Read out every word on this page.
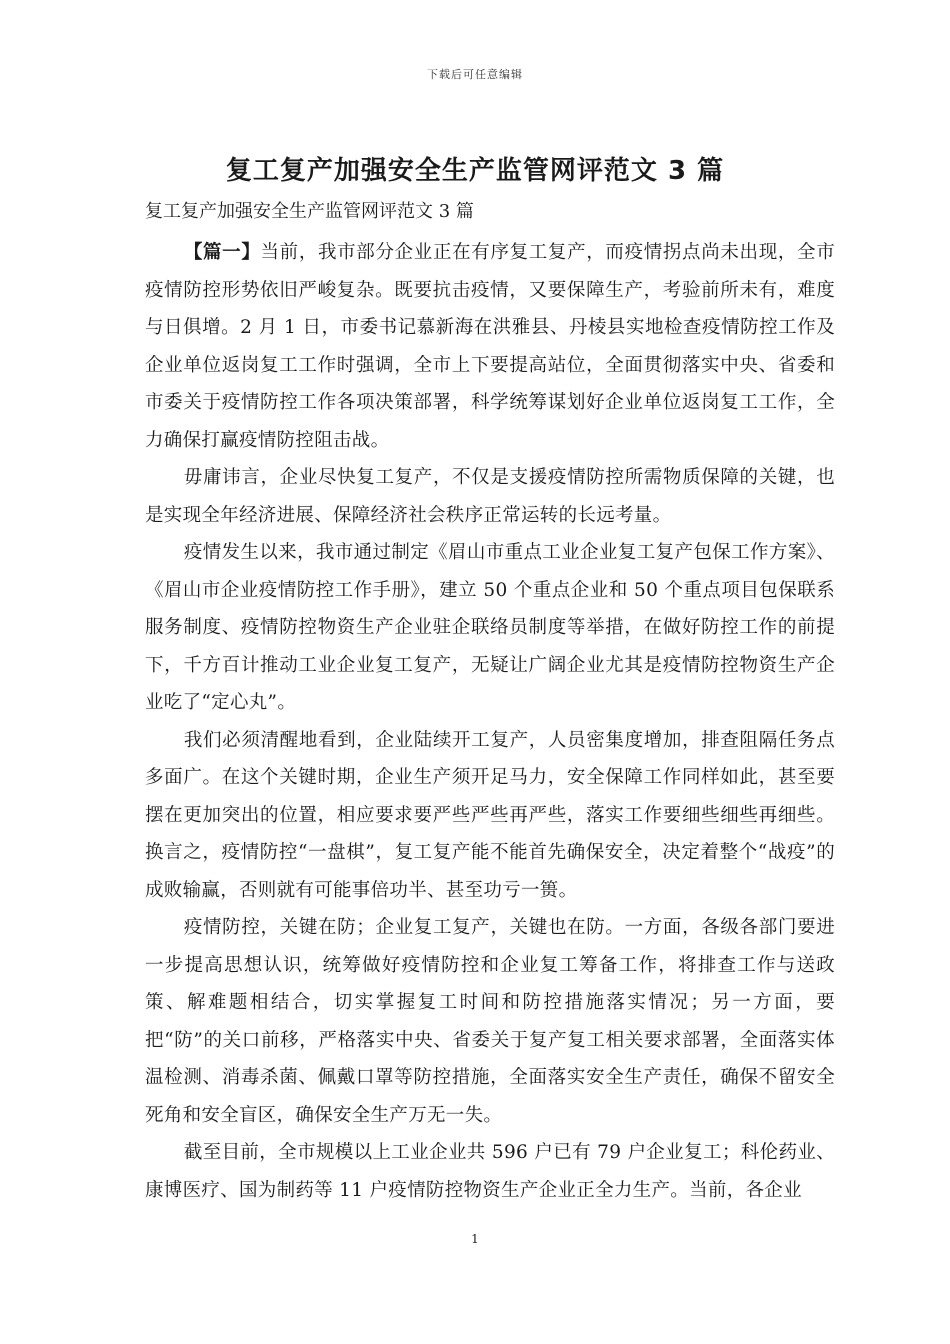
下载后可任意编辑
复工复产加强安全生产监管网评范文 3 篇
复工复产加强安全生产监管网评范文 3 篇

【篇一】当前，我市部分企业正在有序复工复产，而疫情拐点尚未出现，全市疫情防控形势依旧严峻复杂。既要抗击疫情，又要保障生产，考验前所未有，难度与日俱增。2 月 1 日，市委书记慕新海在洪雅县、丹棱县实地检查疫情防控工作及企业单位返岗复工工作时强调，全市上下要提高站位，全面贯彻落实中央、省委和市委关于疫情防控工作各项决策部署，科学统筹谋划好企业单位返岗复工工作，全力确保打赢疫情防控阻击战。

毋庸讳言，企业尽快复工复产，不仅是支援疫情防控所需物质保障的关键，也是实现全年经济进展、保障经济社会秩序正常运转的长远考量。

疫情发生以来，我市通过制定《眉山市重点工业企业复工复产包保工作方案》、《眉山市企业疫情防控工作手册》，建立 50 个重点企业和 50 个重点项目包保联系服务制度、疫情防控物资生产企业驻企联络员制度等举措，在做好防控工作的前提下，千方百计推动工业企业复工复产，无疑让广阔企业尤其是疫情防控物资生产企业吃了“定心丸”。

我们必须清醒地看到，企业陆续开工复产，人员密集度增加，排查阻隔任务点多面广。在这个关键时期，企业生产须开足马力，安全保障工作同样如此，甚至要摆在更加突出的位置，相应要求要严些严些再严些，落实工作要细些细些再细些。换言之，疫情防控“一盘棋”，复工复产能不能首先确保安全，决定着整个“战疫”的成败输赢，否则就有可能事倍功半、甚至功亏一篑。

疫情防控，关键在防；企业复工复产，关键也在防。一方面，各级各部门要进一步提高思想认识，统筹做好疫情防控和企业复工筹备工作，将排查工作与送政策、解难题相结合，切实掌握复工时间和防控措施落实情况；另一方面，要把“防”的关口前移，严格落实中央、省委关于复产复工相关要求部署，全面落实体温检测、消毒杀菌、佩戴口罩等防控措施，全面落实安全生产责任，确保不留安全死角和安全盲区，确保安全生产万无一失。

截至目前，全市规模以上工业企业共 596 户已有 79 户企业复工；科伦药业、康博医疗、国为制药等 11 户疫情防控物资生产企业正全力生产。当前，各企业

1
